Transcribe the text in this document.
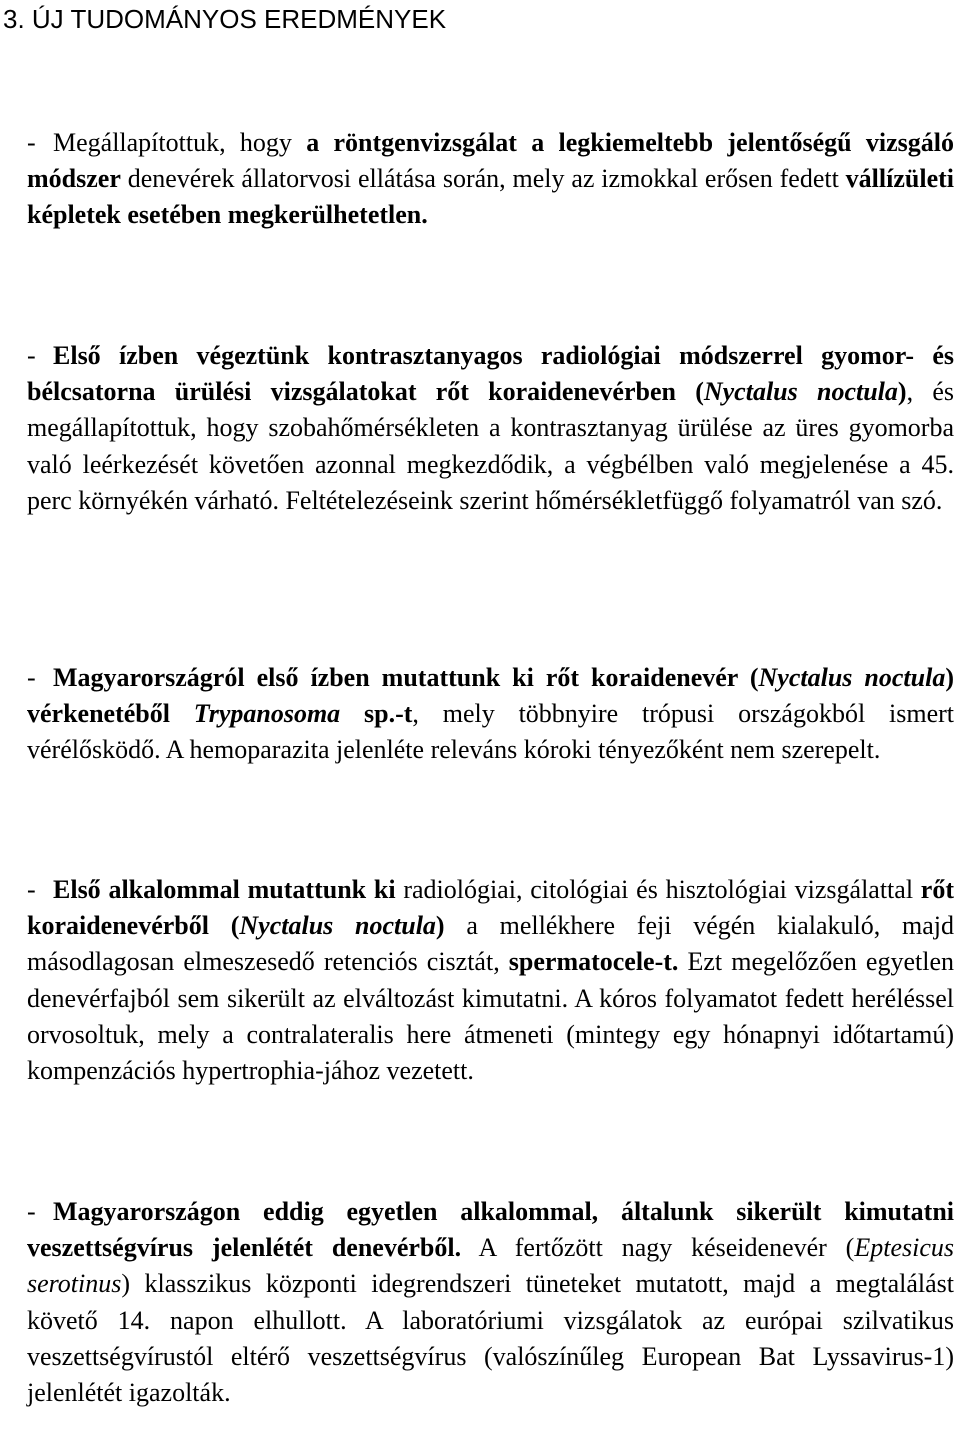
3. ÚJ TUDOMÁNYOS EREDMÉNYEK

- Megállapítottuk, hogy a röntgenvizsgálat a legkiemeltebb jelentőségű vizsgáló módszer denevérek állatorvosi ellátása során, mely az izmokkal erősen fedett vállízületi képletek esetében megkerülhetetlen.

- Első ízben végeztünk kontrasztanyagos radiológiai módszerrel gyomor- és bélcsatorna ürülési vizsgálatokat rőt koraidenevérben (Nyctalus noctula), és megállapítottuk, hogy szobahőmérsékleten a kontrasztanyag ürülése az üres gyomorba való leérkezését követően azonnal megkezdődik, a végbélben való megjelenése a 45. perc környékén várható. Feltételezéseink szerint hőmérsékletfüggő folyamatról van szó.

- Magyarországról első ízben mutattunk ki rőt koraidenevér (Nyctalus noctula) vérkenetéből Trypanosoma sp.-t, mely többnyire trópusi országokból ismert vérélősködő. A hemoparazita jelenléte releváns kóroki tényezőként nem szerepelt.

- Első alkalommal mutattunk ki radiológiai, citológiai és hisztológiai vizsgálattal rőt koraidenevérből (Nyctalus noctula) a mellékhere feji végén kialakuló, majd másodlagosan elmeszesedő retenciós cisztát, spermatocele-t. Ezt megelőzően egyetlen denevérfajból sem sikerült az elváltozást kimutatni. A kóros folyamatot fedett heréléssel orvosoltuk, mely a contralateralis here átmeneti (mintegy egy hónapnyi időtartamú) kompenzációs hypertrophia-jához vezetett.

- Magyarországon eddig egyetlen alkalommal, általunk sikerült kimutatni veszettségvírus jelenlétét denevérből. A fertőzött nagy késeidenevér (Eptesicus serotinus) klasszikus központi idegrendszeri tüneteket mutatott, majd a megtalálást követő 14. napon elhullott. A laboratóriumi vizsgálatok az európai szilvatikus veszettségvírustól eltérő veszettségvírus (valószínűleg European Bat Lyssavirus-1) jelenlétét igazolták.
